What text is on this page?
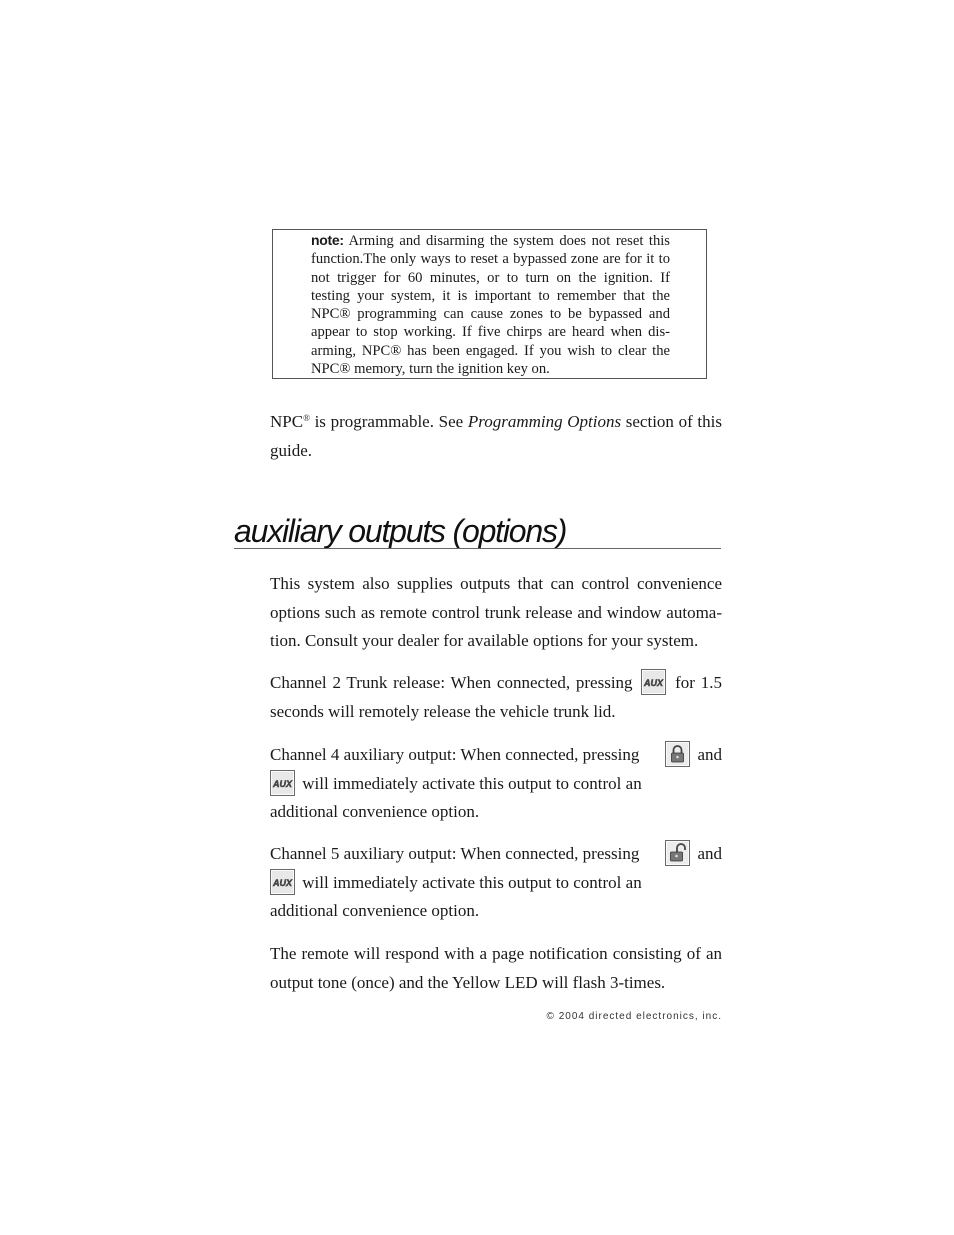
note: Arming and disarming the system does not reset this function.The only ways to reset a bypassed zone are for it to not trigger for 60 minutes, or to turn on the ignition. If testing your system, it is important to remember that the NPC® programming can cause zones to be bypassed and appear to stop working. If five chirps are heard when dis- arming, NPC® has been engaged. If you wish to clear the NPC® memory, turn the ignition key on.
NPC® is programmable. See Programming Options section of this guide.
auxiliary outputs (options)
This system also supplies outputs that can control convenience options such as remote control trunk release and window automa-tion. Consult your dealer for available options for your system.
Channel 2 Trunk release: When connected, pressing AUX for 1.5 seconds will remotely release the vehicle trunk lid.
Channel 4 auxiliary output: When connected, pressing	and
AUX will immediately activate this output to control an
additional convenience option.
Channel 5 auxiliary output: When connected, pressing	and
AUX will immediately activate this output to control an
additional convenience option.
The remote will respond with a page notification consisting of an output tone (once) and the Yellow LED will flash 3-times.
© 2004 directed electronics, inc.
